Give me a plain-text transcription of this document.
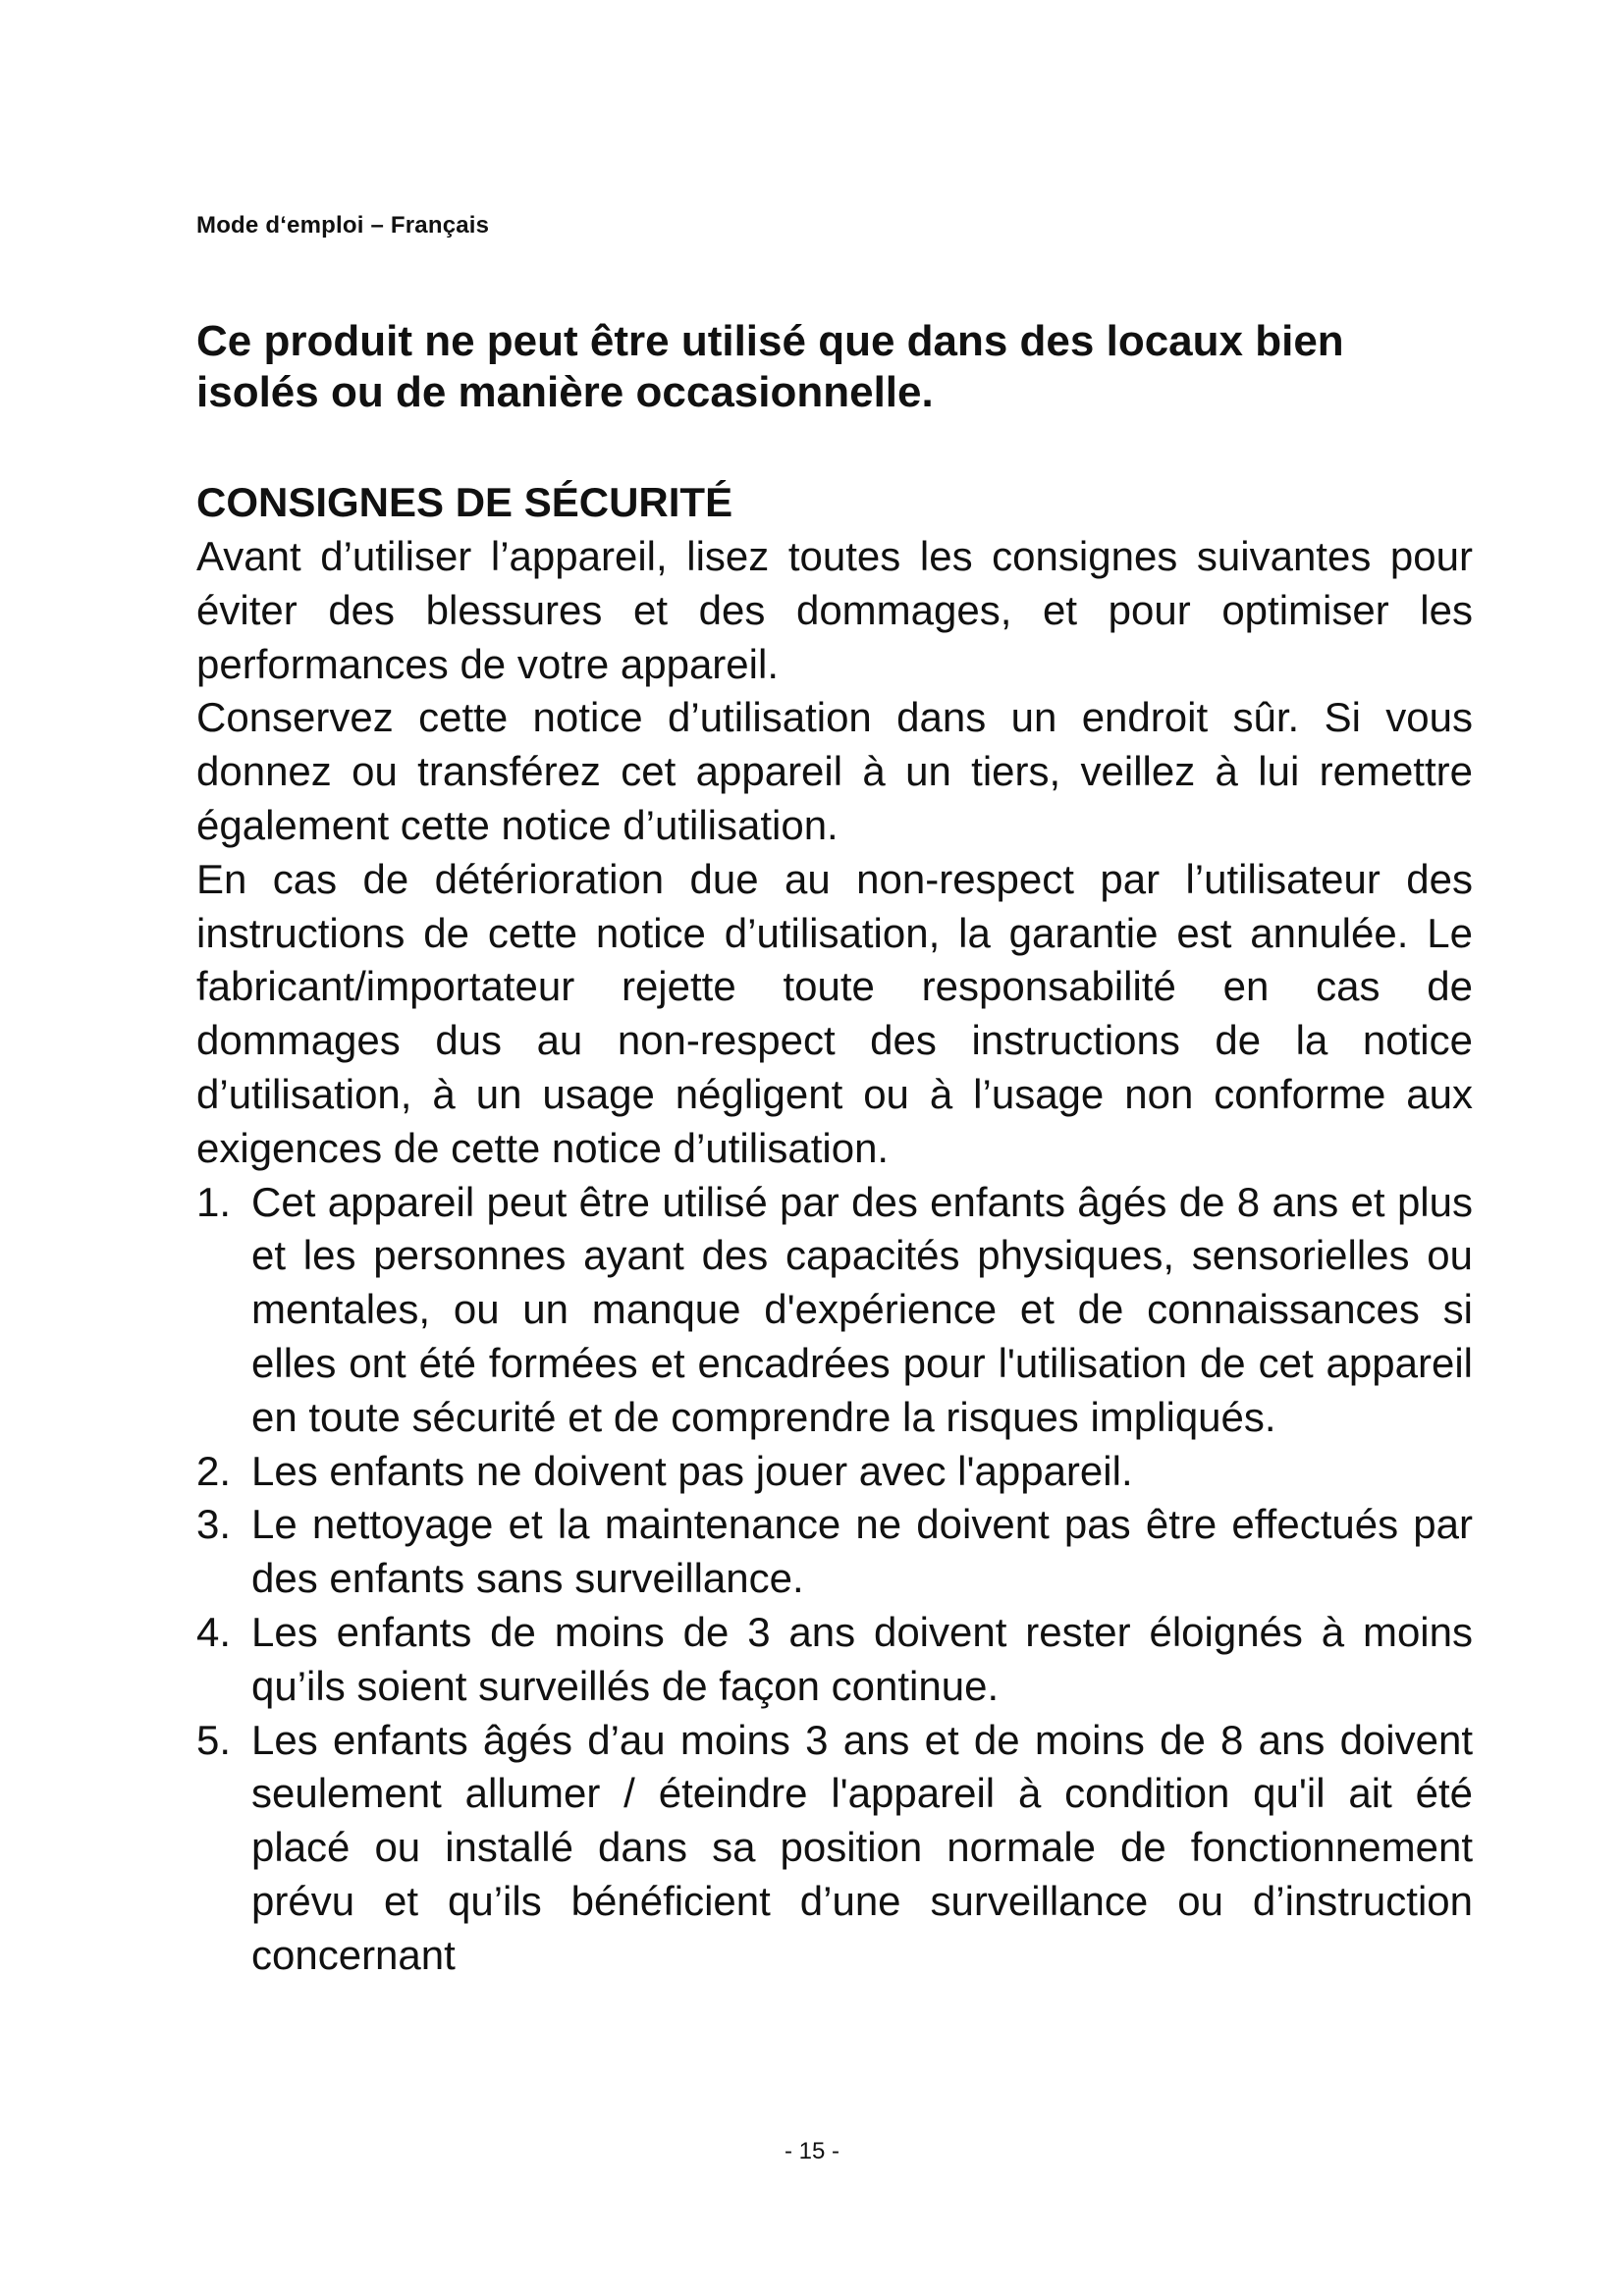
Mode d‘emploi – Français
Ce produit ne peut être utilisé que dans des locaux bien isolés ou de manière occasionnelle.
CONSIGNES DE SÉCURITÉ

Avant d’utiliser l’appareil, lisez toutes les consignes suivantes pour éviter des blessures et des dommages, et pour optimiser les performances de votre appareil.

Conservez cette notice d’utilisation dans un endroit sûr. Si vous donnez ou transférez cet appareil à un tiers, veillez à lui remettre également cette notice d’utilisation.

En cas de détérioration due au non-respect par l’utilisateur des instructions de cette notice d’utilisation, la garantie est annulée. Le fabricant/importateur rejette toute responsabilité en cas de dommages dus au non-respect des instructions de la notice d’utilisation, à un usage négligent ou à l’usage non conforme aux exigences de cette notice d’utilisation.

1. Cet appareil peut être utilisé par des enfants âgés de 8 ans et plus et les personnes ayant des capacités physiques, sensorielles ou mentales, ou un manque d'expérience et de connaissances si elles ont été formées et encadrées pour l'utilisation de cet appareil en toute sécurité et de comprendre la risques impliqués.
2. Les enfants ne doivent pas jouer avec l'appareil.
3. Le nettoyage et la maintenance ne doivent pas être effectués par des enfants sans surveillance.
4. Les enfants de moins de 3 ans doivent rester éloignés à moins qu’ils soient surveillés de façon continue.
5. Les enfants âgés d’au moins 3 ans et de moins de 8 ans doivent seulement allumer / éteindre l'appareil à condition qu'il ait été placé ou installé dans sa position normale de fonctionnement prévu et qu’ils bénéficient d’une surveillance ou d’instruction concernant
- 15 -
